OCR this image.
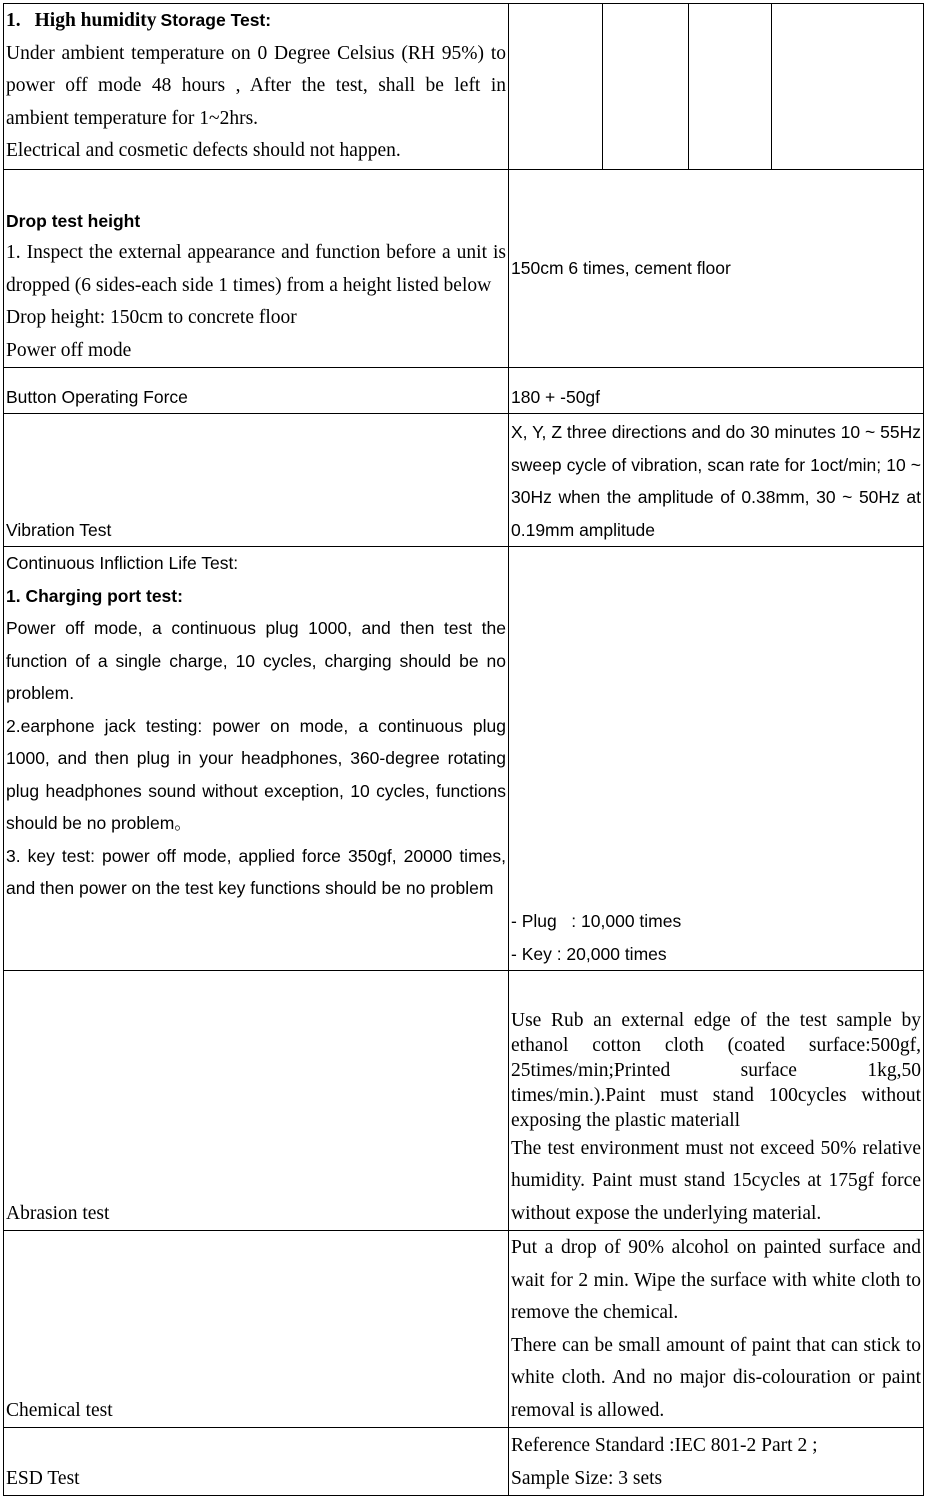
1. High humidity Storage Test:
Under ambient temperature on 0 Degree Celsius (RH 95%) to power off mode 48 hours , After the test, shall be left in ambient temperature for 1~2hrs.
Electrical and cosmetic defects should not happen.				

Drop test height
1. Inspect the external appearance and function before a unit is dropped (6 sides-each side 1 times) from a height listed below
Drop height: 150cm to concrete floor
Power off mode	150cm 6 times, cement floor			

Button Operating Force	180 + -50gf			

Vibration Test	X, Y, Z three directions and do 30 minutes 10 ~ 55Hz sweep cycle of vibration, scan rate for 1oct/min; 10 ~ 30Hz when the amplitude of 0.38mm, 30 ~ 50Hz at 0.19mm amplitude			

Continuous Infliction Life Test:
1. Charging port test:
Power off mode, a continuous plug 1000, and then test the function of a single charge, 10 cycles, charging should be no problem.
2.earphone jack testing: power on mode, a continuous plug 1000, and then plug in your headphones, 360-degree rotating plug headphones sound without exception, 10 cycles, functions should be no problem。
3. key test: power off mode, applied force 350gf, 20000 times, and then power on the test key functions should be no problem	- Plug   : 10,000 times
- Key : 20,000 times			

Abrasion test	Use Rub an external edge of the test sample by ethanol cotton cloth (coated surface:500gf, 25times/min;Printed surface 1kg,50 times/min.).Paint must stand 100cycles without exposing the plastic materiall
The test environment must not exceed 50% relative humidity. Paint must stand 15cycles at 175gf force without expose the underlying material.			

Chemical test	Put a drop of 90% alcohol on painted surface and wait for 2 min. Wipe the surface with white cloth to remove the chemical.
There can be small amount of paint that can stick to white cloth. And no major dis-colouration or paint removal is allowed.			

ESD Test	Reference Standard :IEC 801-2 Part 2 ;
Sample Size: 3 sets			
